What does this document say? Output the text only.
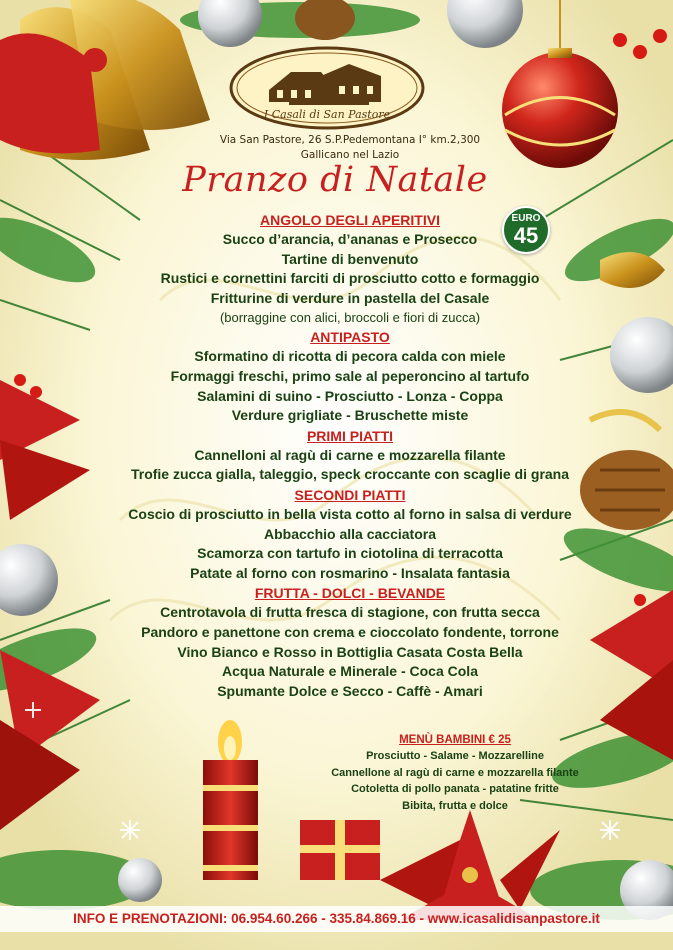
I Casali di San Pastore
Via San Pastore, 26 S.P.Pedemontana I° km.2,300
Gallicano nel Lazio
Pranzo di Natale
EURO
45
ANGOLO DEGLI APERITIVI
Succo d’arancia, d’ananas e Prosecco
Tartine di benvenuto
Rustici e cornettini farciti di prosciutto cotto e formaggio
Fritturine di verdure in pastella del Casale
(borraggine con alici, broccoli e fiori di zucca)
ANTIPASTO
Sformatino di ricotta di pecora calda con miele
Formaggi freschi, primo sale al peperoncino al tartufo
Salamini di suino - Prosciutto - Lonza - Coppa
Verdure grigliate - Bruschette miste
PRIMI PIATTI
Cannelloni al ragù di carne e mozzarella filante
Trofie zucca gialla, taleggio, speck croccante con scaglie di grana
SECONDI PIATTI
Coscio di prosciutto in bella vista cotto al forno in salsa di verdure
Abbacchio alla cacciatora
Scamorza con tartufo in ciotolina di terracotta
Patate al forno con rosmarino - Insalata fantasia
FRUTTA - DOLCI - BEVANDE
Centrotavola di frutta fresca di stagione, con frutta secca
Pandoro e panettone con crema e cioccolato fondente, torrone
Vino Bianco e Rosso in Bottiglia Casata Costa Bella
Acqua Naturale e Minerale - Coca Cola
Spumante Dolce e Secco - Caffè - Amari
MENÙ BAMBINI € 25
Prosciutto - Salame - Mozzarelline
Cannellone al ragù di carne e mozzarella filante
Cotoletta di pollo panata - patatine fritte
Bibita, frutta e dolce
INFO E PRENOTAZIONI: 06.954.60.266 - 335.84.869.16 - www.icasalidisanpastore.it
